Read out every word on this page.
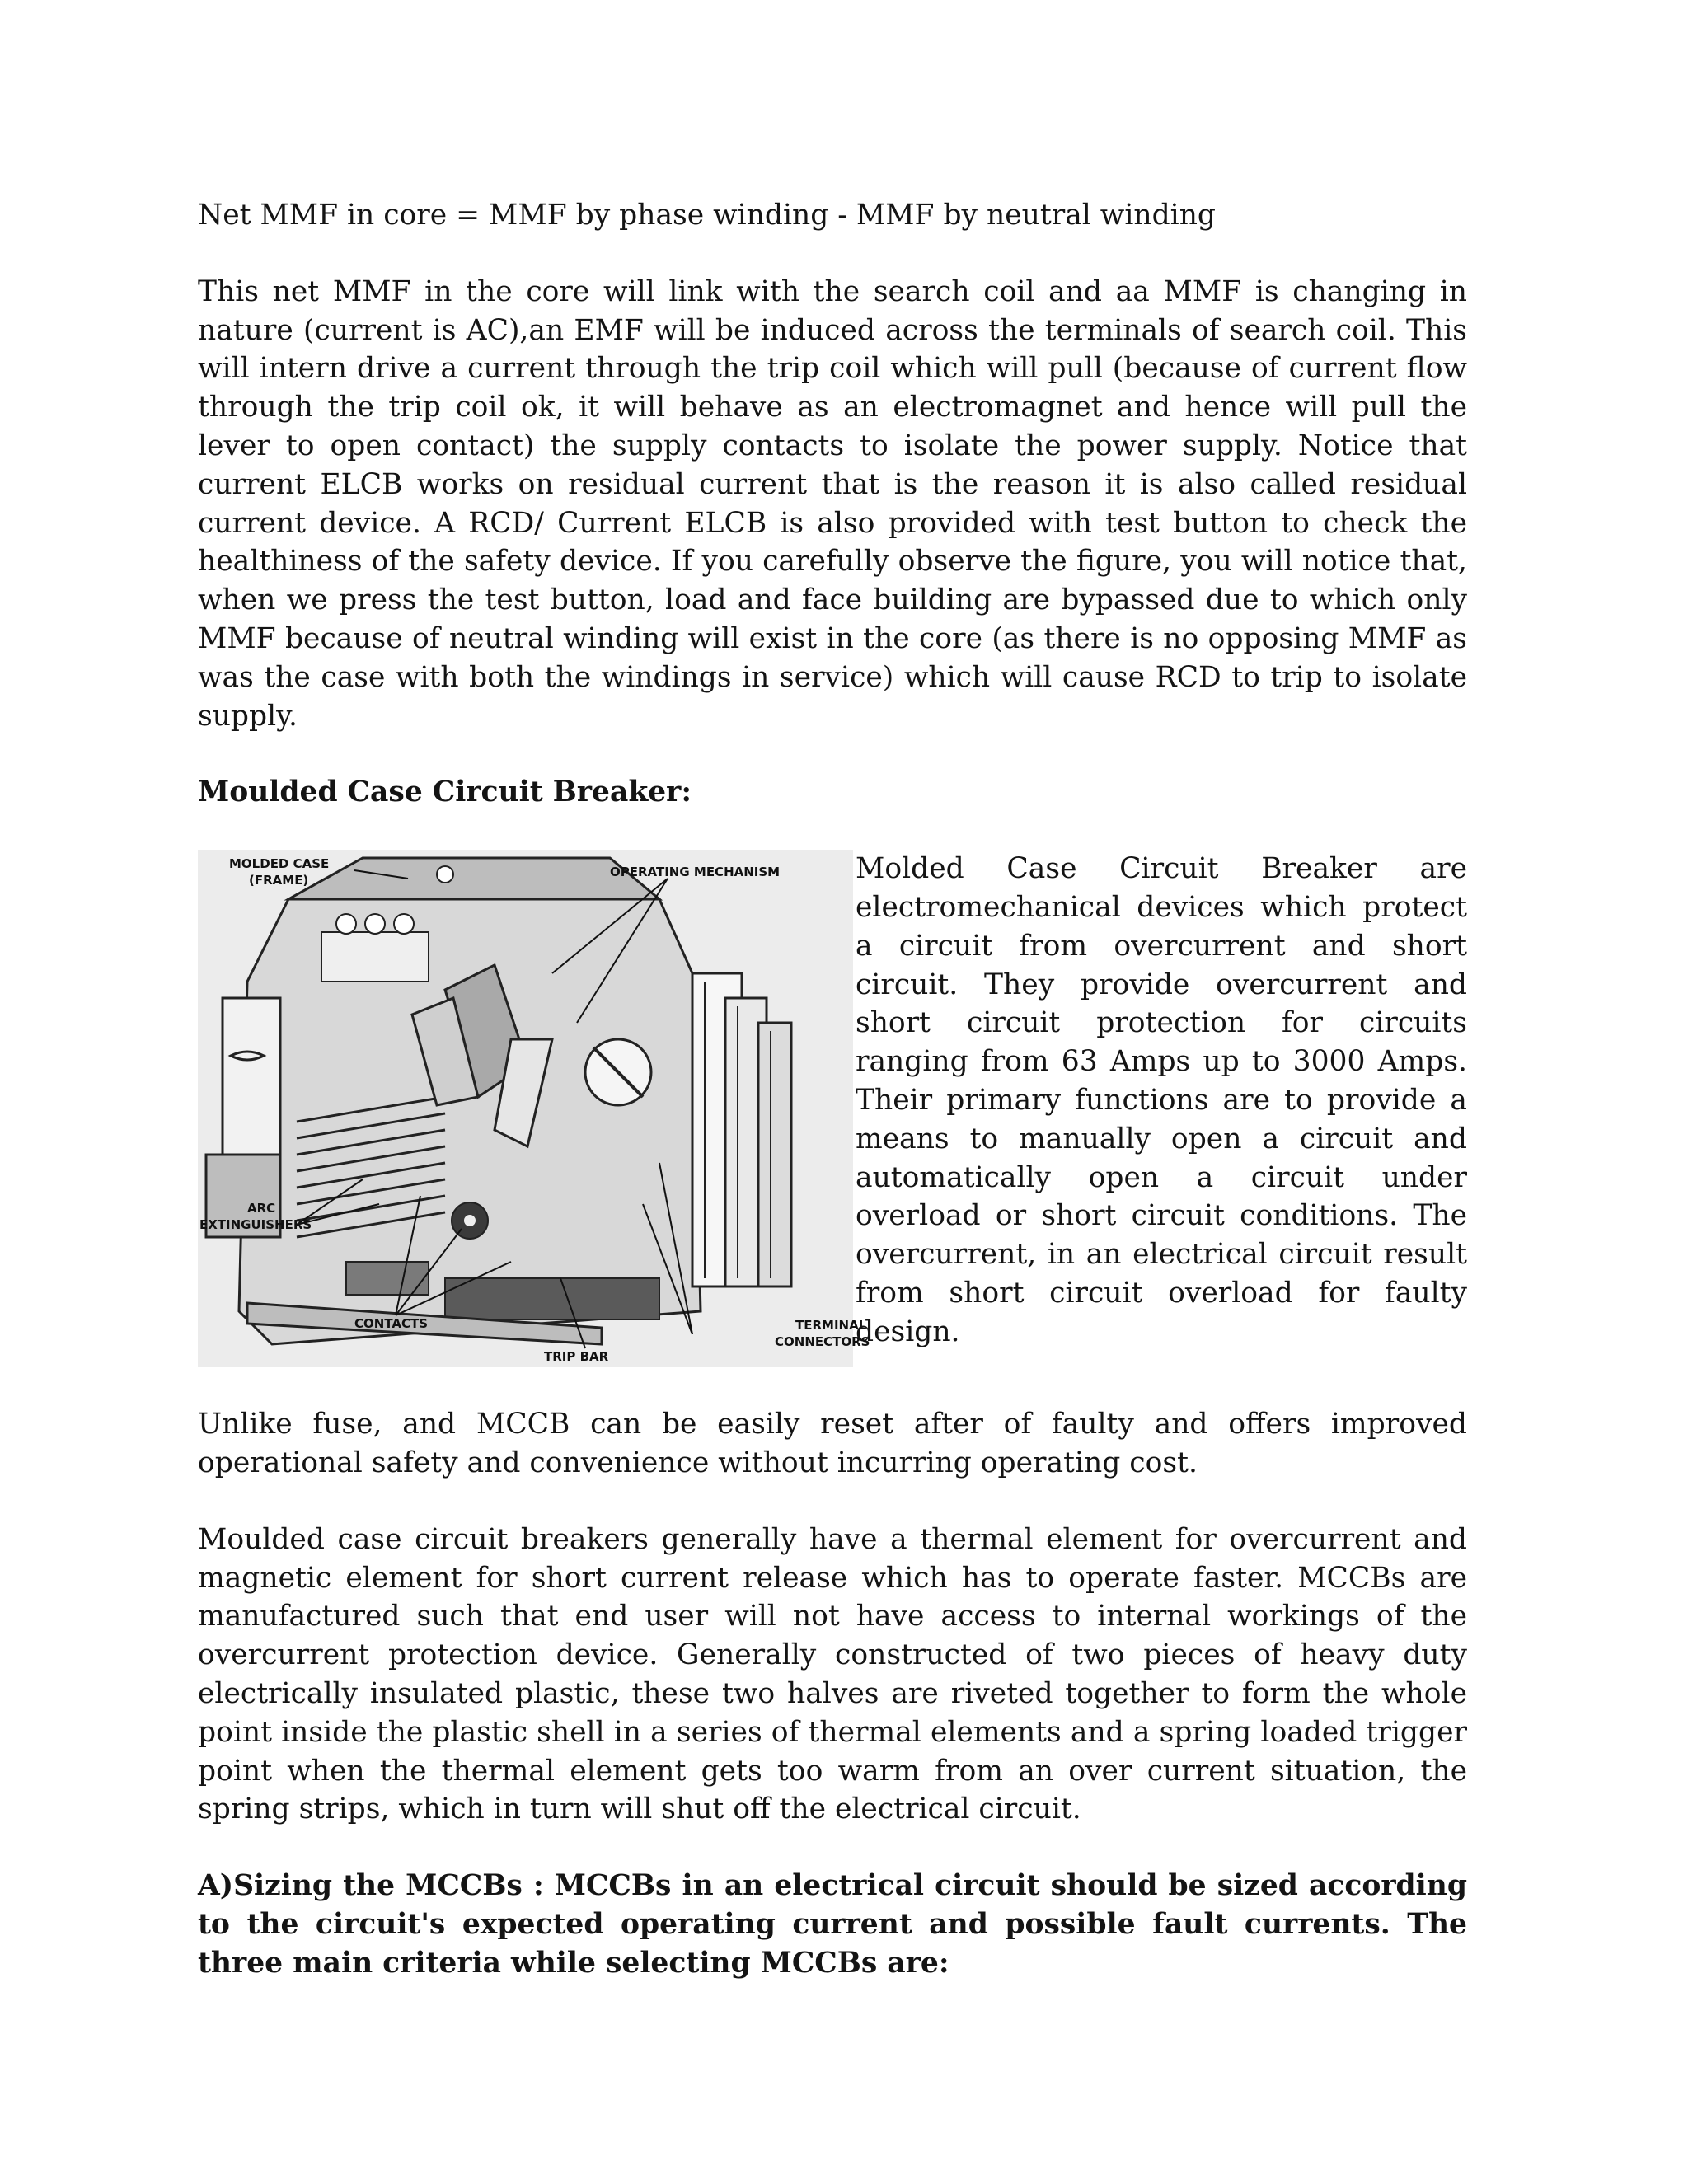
Net MMF in core = MMF by phase winding - MMF by neutral winding

This net MMF in the core will link with the search coil and aa MMF is changing in nature (current is AC),an EMF will be induced across the terminals of search coil. This will intern drive a current through the trip coil which will pull (because of current flow through the trip coil ok, it will behave as an electromagnet and hence will pull the lever to open contact) the supply contacts to isolate the power supply. Notice that current ELCB works on residual current that is the reason it is also called residual current device. A RCD/ Current ELCB is also provided with test button to check the healthiness of the safety device. If you carefully observe the figure, you will notice that, when we press the test button, load and face building are bypassed due to which only MMF because of neutral winding will exist in the core (as there is no opposing MMF as was the case with both the windings in service) which will cause RCD to trip to isolate supply.

Moulded Case Circuit Breaker:
MOLDED CASE
(FRAME)
OPERATING MECHANISM
ARC
EXTINGUISHERS
CONTACTS
TRIP BAR
TERMINAL
CONNECTORS

Molded Case Circuit Breaker are electromechanical devices which protect a circuit from overcurrent and short circuit. They provide overcurrent and short circuit protection for circuits ranging from 63 Amps up to 3000 Amps. Their primary functions are to provide a means to manually open a circuit and automatically open a circuit under overload or short circuit conditions. The overcurrent, in an electrical circuit result from short circuit overload for faulty design.

Unlike fuse, and MCCB can be easily reset after of faulty and offers improved operational safety and convenience without incurring operating cost.

Moulded case circuit breakers generally have a thermal element for overcurrent and magnetic element for short current release which has to operate faster. MCCBs are manufactured such that end user will not have access to internal workings of the overcurrent protection device. Generally constructed of two pieces of heavy duty electrically insulated plastic, these two halves are riveted together to form the whole point inside the plastic shell in a series of thermal elements and a spring loaded trigger point when the thermal element gets too warm from an over current situation, the spring strips, which in turn will shut off the electrical circuit.

A)Sizing the MCCBs : MCCBs in an electrical circuit should be sized according to the circuit's expected operating current and possible fault currents. The three main criteria while selecting MCCBs are:
